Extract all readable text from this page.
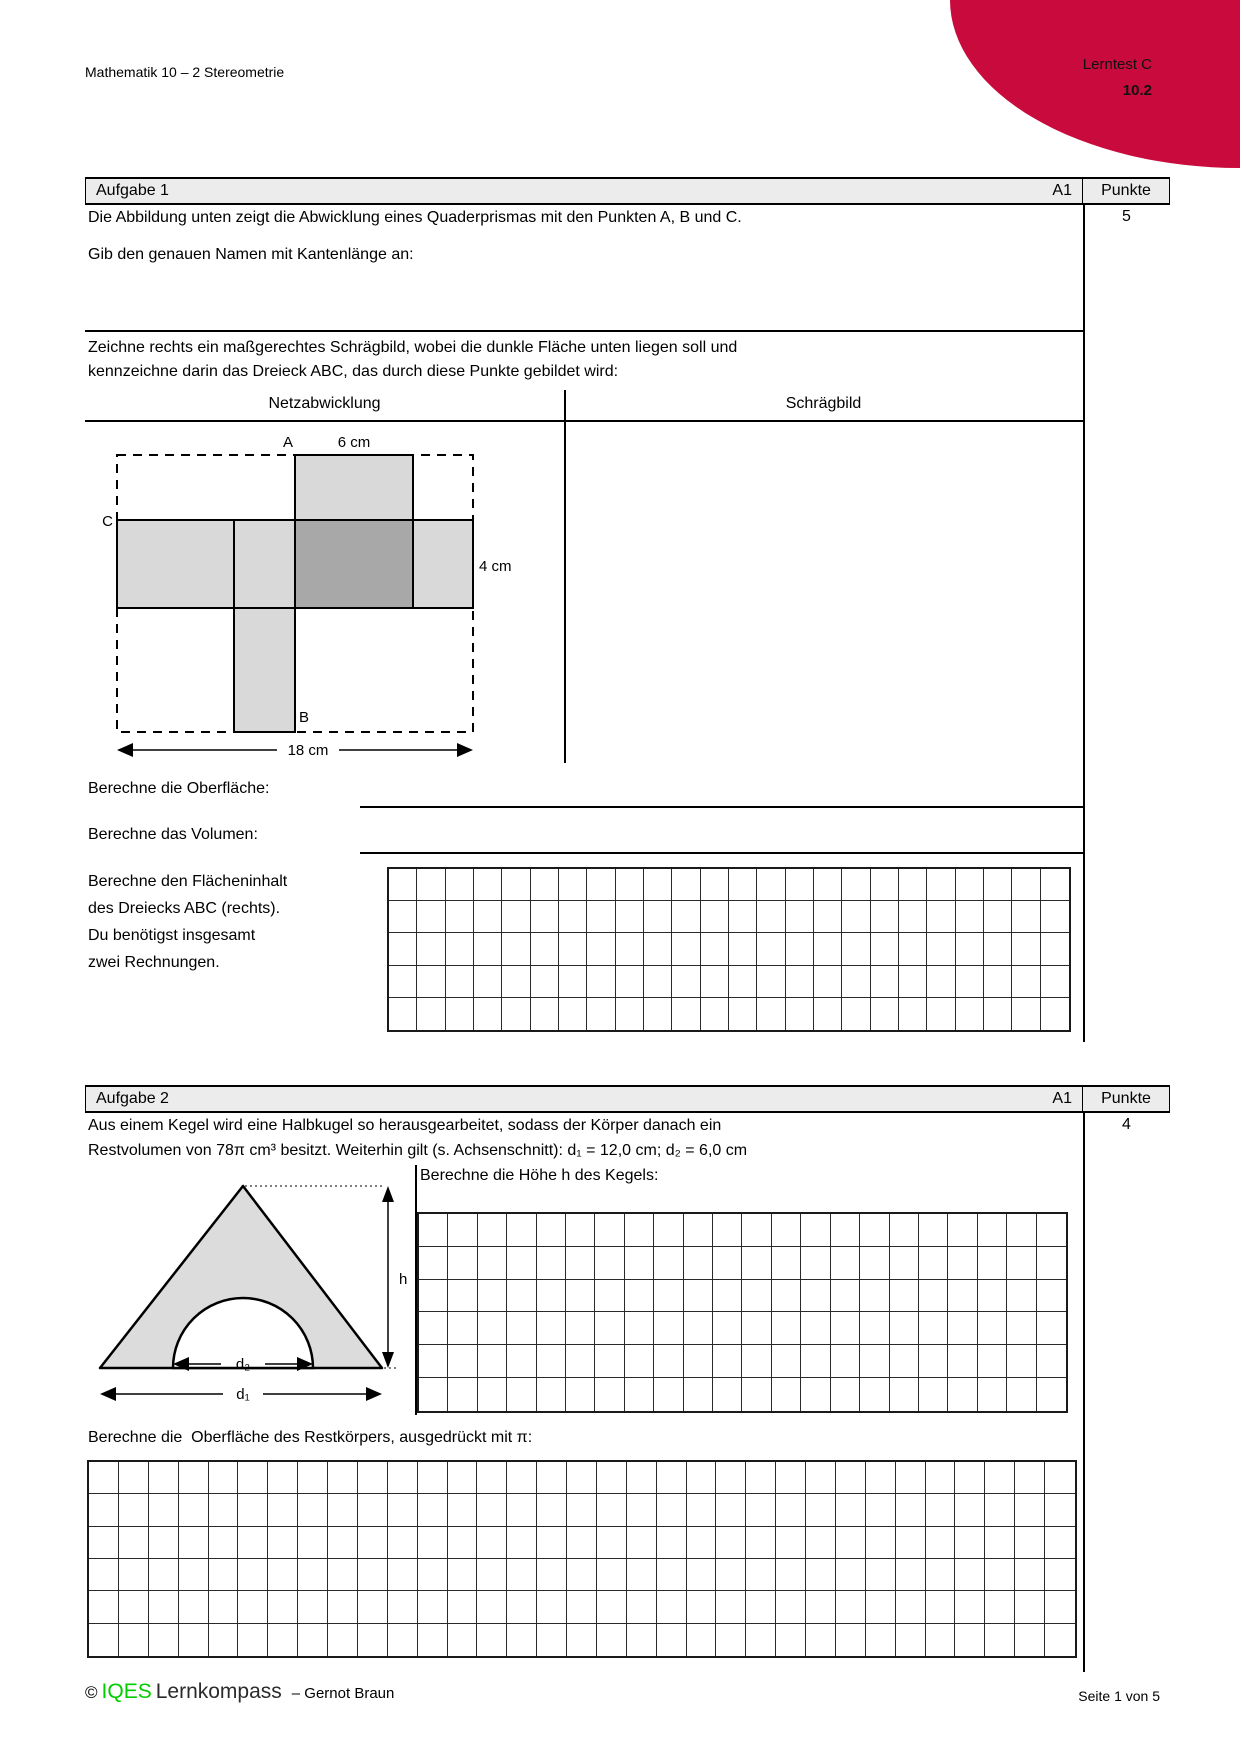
Mathematik 10 – 2 Stereometrie	Lerntest C
10.2
Aufgabe 1	A1 Punkte
5
Die Abbildung unten zeigt die Abwicklung eines Quaderprismas mit den Punkten A, B und C.
Gib den genauen Namen mit Kantenlänge an:
Zeichne rechts ein maßgerechtes Schrägbild, wobei die dunkle Fläche unten liegen soll und
kennzeichne darin das Dreieck ABC, das durch diese Punkte gebildet wird:
Netzabwicklung	Schrägbild
A	6 cm
C
4 cm
B
18 cm
Berechne die Oberfläche:
Berechne das Volumen:
Berechne den Flächeninhalt
des Dreiecks ABC (rechts).
Du benötigst insgesamt
zwei Rechnungen.
Aufgabe 2	A1 Punkte
4
Aus einem Kegel wird eine Halbkugel so herausgearbeitet, sodass der Körper danach ein
Restvolumen von 78π cm³ besitzt. Weiterhin gilt (s. Achsenschnitt): d₁ = 12,0 cm; d₂ = 6,0 cm
h
d₂
d₁
Berechne die Höhe h des Kegels:
Berechne die  Oberfläche des Restkörpers, ausgedrückt mit π:
© IQES Lernkompass – Gernot Braun	Seite 1 von 5
